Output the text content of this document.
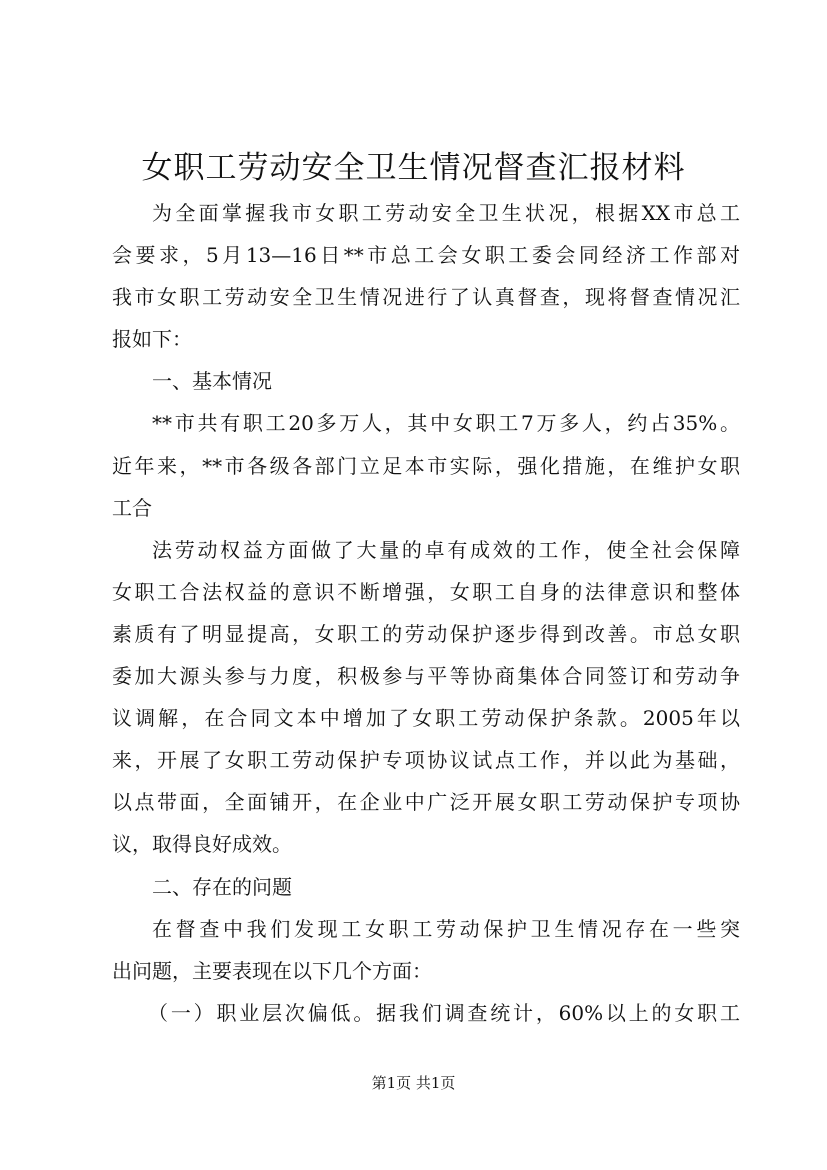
女职工劳动安全卫生情况督查汇报材料
为全面掌握我市女职工劳动安全卫生状况，根据XX市总工
会要求，5月13—16日**市总工会女职工委会同经济工作部对
我市女职工劳动安全卫生情况进行了认真督查，现将督查情况汇
报如下：
一、基本情况
**市共有职工20多万人，其中女职工7万多人，约占35%。
近年来，**市各级各部门立足本市实际，强化措施，在维护女职
工合
法劳动权益方面做了大量的卓有成效的工作，使全社会保障
女职工合法权益的意识不断增强，女职工自身的法律意识和整体
素质有了明显提高，女职工的劳动保护逐步得到改善。市总女职
委加大源头参与力度，积极参与平等协商集体合同签订和劳动争
议调解，在合同文本中增加了女职工劳动保护条款。2005年以
来，开展了女职工劳动保护专项协议试点工作，并以此为基础，
以点带面，全面铺开，在企业中广泛开展女职工劳动保护专项协
议，取得良好成效。
二、存在的问题
在督查中我们发现工女职工劳动保护卫生情况存在一些突
出问题，主要表现在以下几个方面：
（一）职业层次偏低。据我们调查统计，60%以上的女职工
第1页 共1页
